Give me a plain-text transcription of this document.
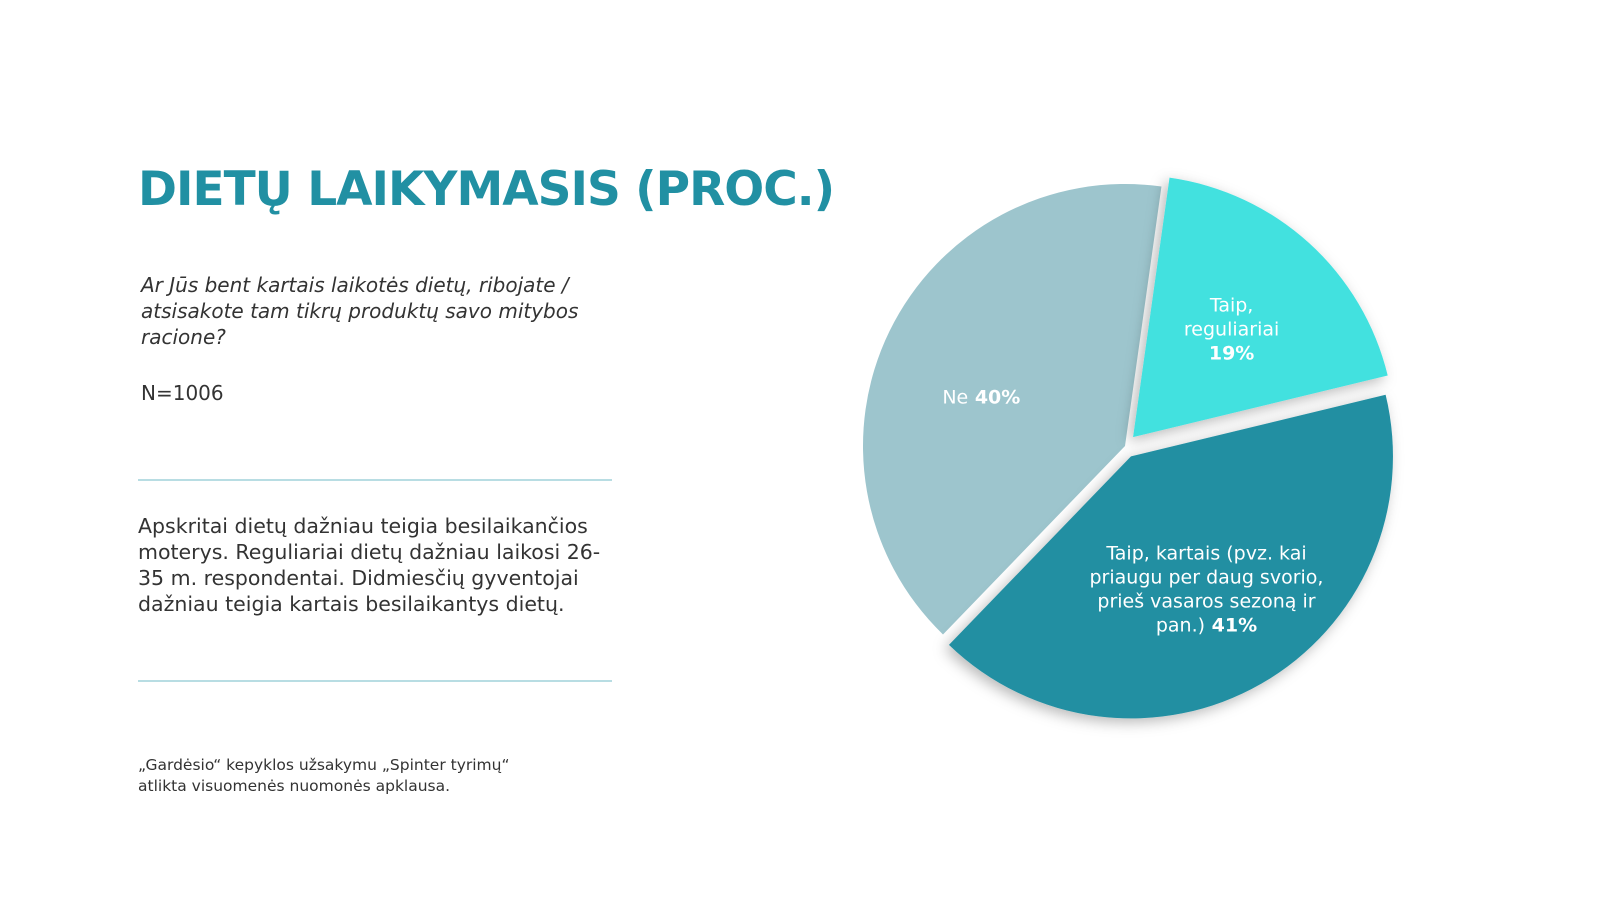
DIETŲ LAIKYMASIS (PROC.)

Ar Jūs bent kartais laikotės dietų, ribojate / atsisakote tam tikrų produktų savo mitybos racione?

N=1006

Apskritai dietų dažniau teigia besilaikančios moterys. Reguliariai dietų dažniau laikosi 26-35 m. respondentai. Didmiesčių gyventojai dažniau teigia kartais besilaikantys dietų.

„Gardėsio“ kepyklos užsakymu „Spinter tyrimų“ atlikta visuomenės nuomonės apklausa.

Ne 40%
Taip, reguliariai 19%
Taip, kartais (pvz. kai priaugu per daug svorio, prieš vasaros sezoną ir pan.) 41%
